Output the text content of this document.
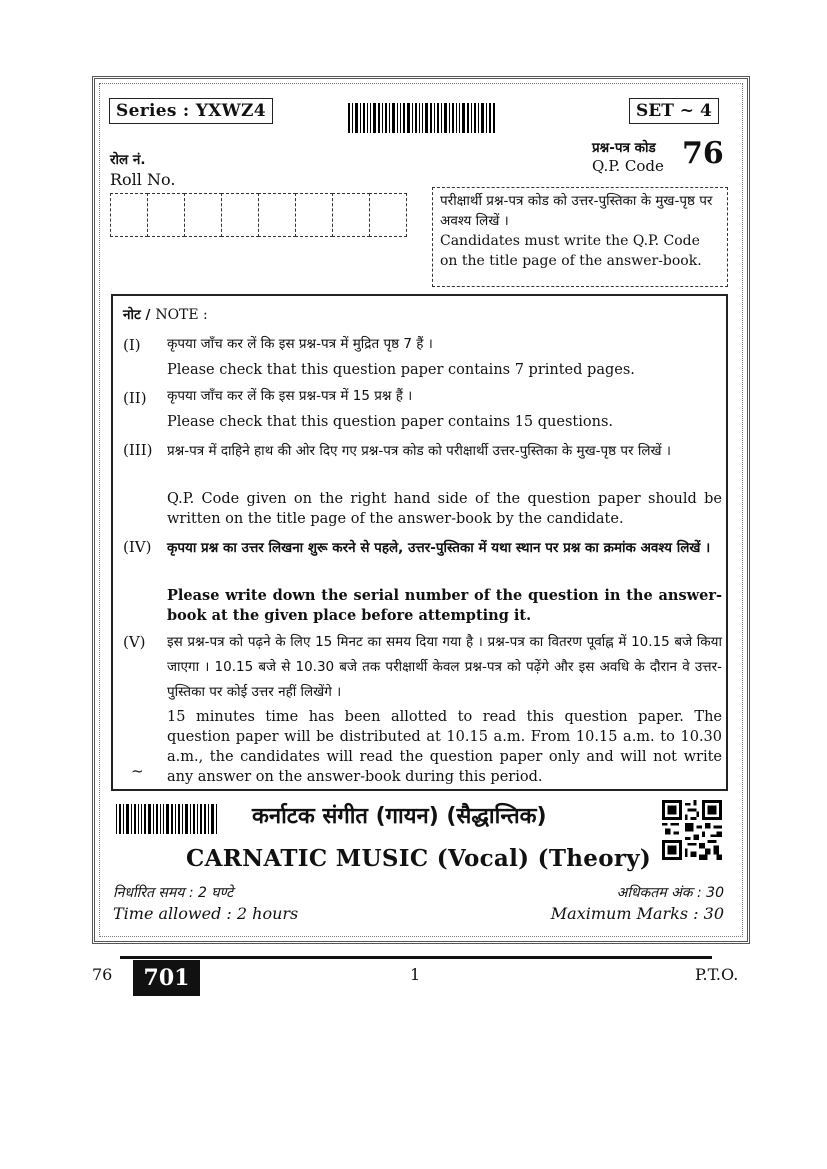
Series : YXWZ4	SET ~ 4
प्रश्न-पत्र कोड
Q.P. Code 76
रोल नं.
Roll No.
परीक्षार्थी प्रश्न-पत्र कोड को उत्तर-पुस्तिका के मुख-पृष्ठ पर अवश्य लिखें ।
Candidates must write the Q.P. Code on the title page of the answer-book.
नोट / NOTE :
(I) कृपया जाँच कर लें कि इस प्रश्न-पत्र में मुद्रित पृष्ठ 7 हैं ।
Please check that this question paper contains 7 printed pages.
(II) कृपया जाँच कर लें कि इस प्रश्न-पत्र में 15 प्रश्न हैं ।
Please check that this question paper contains 15 questions.
(III) प्रश्न-पत्र में दाहिने हाथ की ओर दिए गए प्रश्न-पत्र कोड को परीक्षार्थी उत्तर-पुस्तिका के मुख-पृष्ठ पर लिखें ।
Q.P. Code given on the right hand side of the question paper should be written on the title page of the answer-book by the candidate.
(IV) कृपया प्रश्न का उत्तर लिखना शुरू करने से पहले, उत्तर-पुस्तिका में यथा स्थान पर प्रश्न का क्रमांक अवश्य लिखें ।
Please write down the serial number of the question in the answer-book at the given place before attempting it.
(V) इस प्रश्न-पत्र को पढ़ने के लिए 15 मिनट का समय दिया गया है । प्रश्न-पत्र का वितरण पूर्वाह्न में 10.15 बजे किया जाएगा । 10.15 बजे से 10.30 बजे तक परीक्षार्थी केवल प्रश्न-पत्र को पढ़ेंगे और इस अवधि के दौरान वे उत्तर-पुस्तिका पर कोई उत्तर नहीं लिखेंगे ।
15 minutes time has been allotted to read this question paper. The question paper will be distributed at 10.15 a.m. From 10.15 a.m. to 10.30 a.m., the candidates will read the question paper only and will not write any answer on the answer-book during this period.
~
कर्नाटक संगीत (गायन) (सैद्धान्तिक)
CARNATIC MUSIC (Vocal) (Theory)
निर्धारित समय : 2 घण्टे
Time allowed : 2 hours
अधिकतम अंक : 30
Maximum Marks : 30
76	701	1	P.T.O.
